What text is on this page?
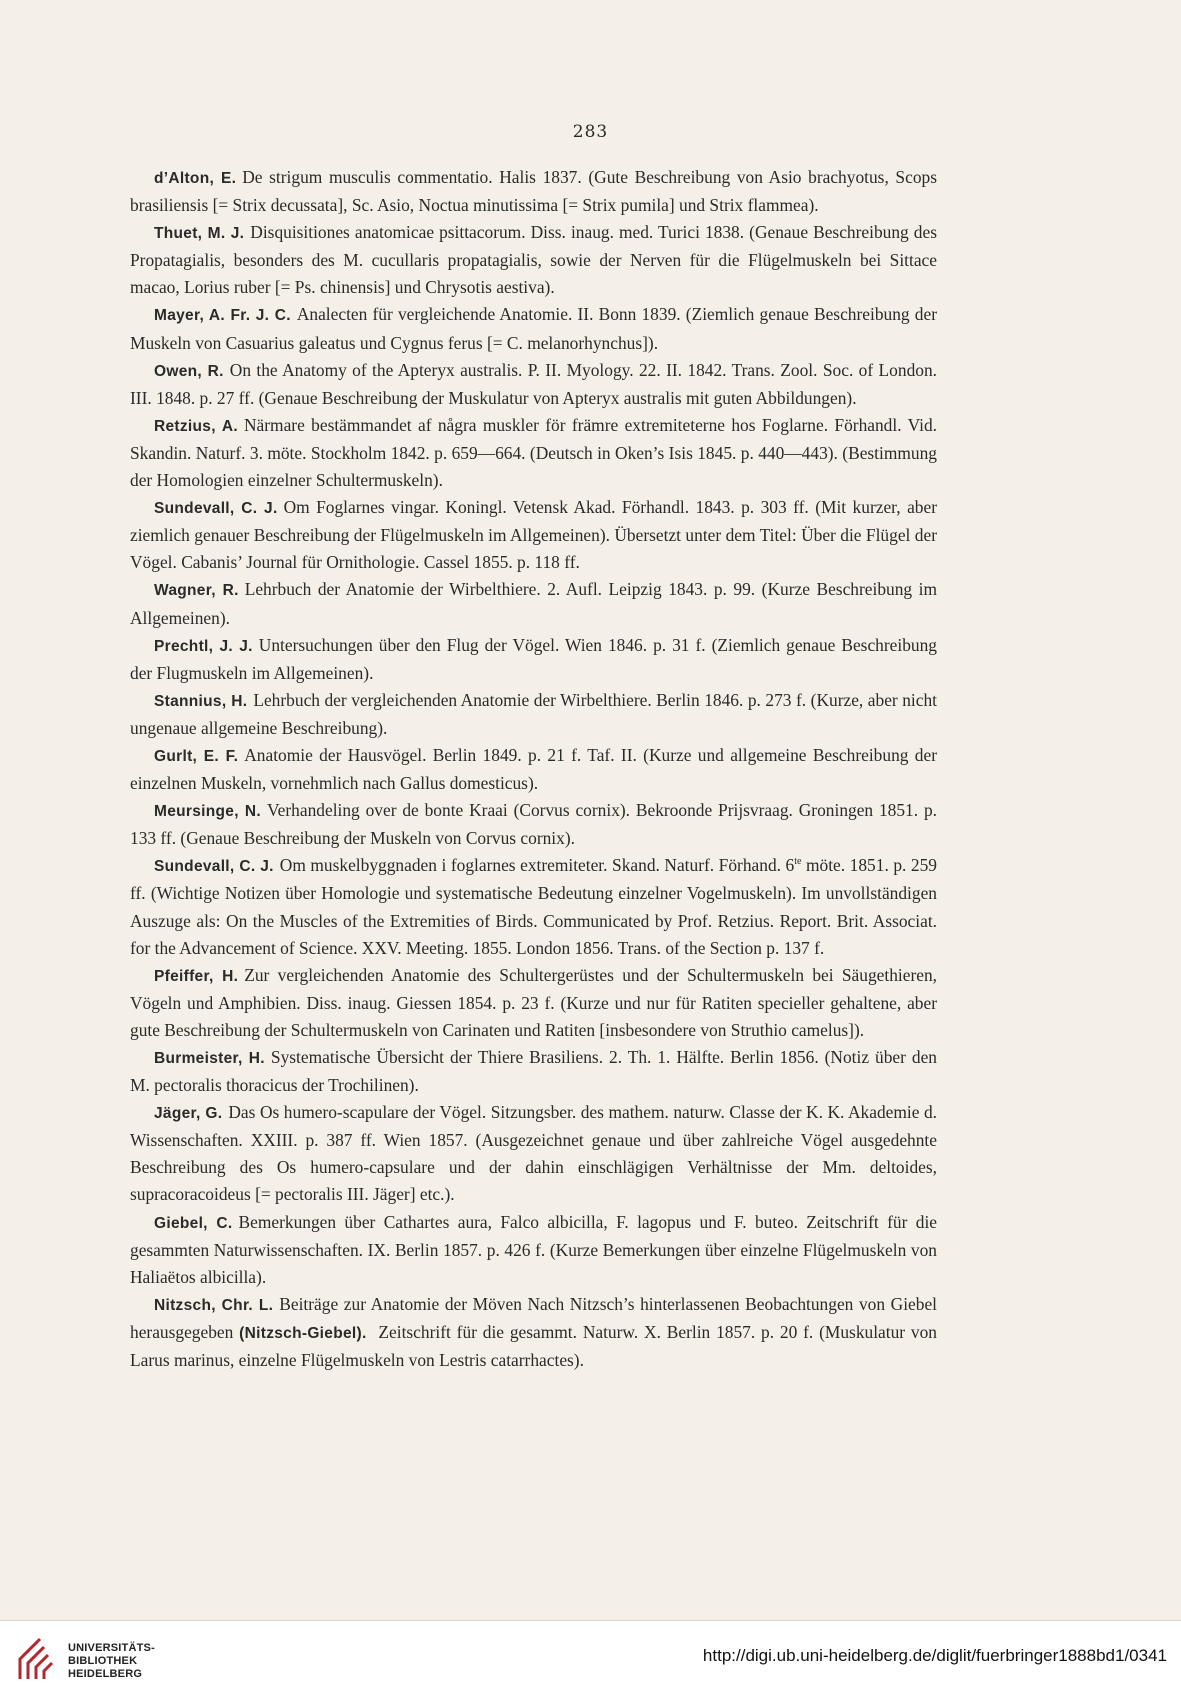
283

d’Alton, E. De strigum musculis commentatio. Halis 1837. (Gute Beschreibung von Asio brachyotus, Scops brasiliensis [= Strix decussata], Sc. Asio, Noctua minutissima [= Strix pumila] und Strix flammea).

Thuet, M. J. Disquisitiones anatomicae psittacorum. Diss. inaug. med. Turici 1838. (Genaue Beschreibung des Propatagialis, besonders des M. cucullaris propatagialis, sowie der Nerven für die Flügelmuskeln bei Sittace macao, Lorius ruber [= Ps. chinensis] und Chrysotis aestiva).

Mayer, A. Fr. J. C. Analecten für vergleichende Anatomie. II. Bonn 1839. (Ziemlich genaue Beschreibung der Muskeln von Casuarius galeatus und Cygnus ferus [= C. melanorhynchus]).

Owen, R. On the Anatomy of the Apteryx australis. P. II. Myology. 22. II. 1842. Trans. Zool. Soc. of London. III. 1848. p. 27 ff. (Genaue Beschreibung der Muskulatur von Apteryx australis mit guten Abbildungen).

Retzius, A. Närmare bestämmandet af några muskler för främre extremiteterne hos Foglarne. Förhandl. Vid. Skandin. Naturf. 3. möte. Stockholm 1842. p. 659—664. (Deutsch in Oken’s Isis 1845. p. 440—443). (Bestimmung der Homologien einzelner Schultermuskeln).

Sundevall, C. J. Om Foglarnes vingar. Koningl. Vetensk Akad. Förhandl. 1843. p. 303 ff. (Mit kurzer, aber ziemlich genauer Beschreibung der Flügelmuskeln im Allgemeinen). Übersetzt unter dem Titel: Über die Flügel der Vögel. Cabanis’ Journal für Ornithologie. Cassel 1855. p. 118 ff.

Wagner, R. Lehrbuch der Anatomie der Wirbelthiere. 2. Aufl. Leipzig 1843. p. 99. (Kurze Beschreibung im Allgemeinen).

Prechtl, J. J. Untersuchungen über den Flug der Vögel. Wien 1846. p. 31 f. (Ziemlich genaue Beschreibung der Flugmuskeln im Allgemeinen).

Stannius, H. Lehrbuch der vergleichenden Anatomie der Wirbelthiere. Berlin 1846. p. 273 f. (Kurze, aber nicht ungenaue allgemeine Beschreibung).

Gurlt, E. F. Anatomie der Hausvögel. Berlin 1849. p. 21 f. Taf. II. (Kurze und allgemeine Beschreibung der einzelnen Muskeln, vornehmlich nach Gallus domesticus).

Meursinge, N. Verhandeling over de bonte Kraai (Corvus cornix). Bekroonde Prijsvraag. Groningen 1851. p. 133 ff. (Genaue Beschreibung der Muskeln von Corvus cornix).

Sundevall, C. J. Om muskelbyggnaden i foglarnes extremiteter. Skand. Naturf. Förhand. $6^{te}$ möte. 1851. p. 259 ff. (Wichtige Notizen über Homologie und systematische Bedeutung einzelner Vogelmuskeln). Im unvollständigen Auszuge als: On the Muscles of the Extremities of Birds. Communicated by Prof. Retzius. Report. Brit. Associat. for the Advancement of Science. XXV. Meeting. 1855. London 1856. Trans. of the Section p. 137 f.

Pfeiffer, H. Zur vergleichenden Anatomie des Schultergerüstes und der Schultermuskeln bei Säugethieren, Vögeln und Amphibien. Diss. inaug. Giessen 1854. p. 23 f. (Kurze und nur für Ratiten specieller gehaltene, aber gute Beschreibung der Schultermuskeln von Carinaten und Ratiten [insbesondere von Struthio camelus]).

Burmeister, H. Systematische Übersicht der Thiere Brasiliens. 2. Th. 1. Hälfte. Berlin 1856. (Notiz über den M. pectoralis thoracicus der Trochilinen).

Jäger, G. Das Os humero-scapulare der Vögel. Sitzungsber. des mathem. naturw. Classe der K. K. Akademie d. Wissenschaften. XXIII. p. 387 ff. Wien 1857. (Ausgezeichnet genaue und über zahlreiche Vögel ausgedehnte Beschreibung des Os humero-capsulare und der dahin einschlägigen Verhältnisse der Mm. deltoides, supracoracoideus [= pectoralis III. Jäger] etc.).

Giebel, C. Bemerkungen über Cathartes aura, Falco albicilla, F. lagopus und F. buteo. Zeitschrift für die gesammten Naturwissenschaften. IX. Berlin 1857. p. 426 f. (Kurze Bemerkungen über einzelne Flügelmuskeln von Haliaëtos albicilla).

Nitzsch, Chr. L. Beiträge zur Anatomie der Möven Nach Nitzsch’s hinterlassenen Beobachtungen von Giebel herausgegeben (Nitzsch-Giebel). Zeitschrift für die gesammt. Naturw. X. Berlin 1857. p. 20 f. (Muskulatur von Larus marinus, einzelne Flügelmuskeln von Lestris catarrhactes).

UNIVERSITÄTS-
BIBLIOTHEK
HEIDELBERG
http://digi.ub.uni-heidelberg.de/diglit/fuerbringer1888bd1/0341
